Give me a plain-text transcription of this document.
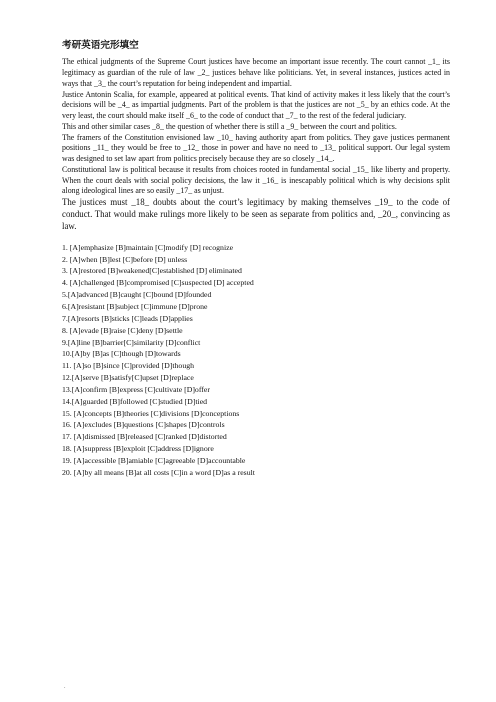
考研英语完形填空

The ethical judgments of the Supreme Court justices have become an important issue recently. The court cannot _1_ its legitimacy as guardian of the rule of law _2_ justices behave like politicians. Yet, in several instances, justices acted in ways that _3_ the court’s reputation for being independent and impartial.

Justice Antonin Scalia, for example, appeared at political events. That kind of activity makes it less likely that the court’s decisions will be _4_ as impartial judgments. Part of the problem is that the justices are not _5_ by an ethics code. At the very least, the court should make itself _6_ to the code of conduct that _7_ to the rest of the federal judiciary.

This and other similar cases _8_ the question of whether there is still a _9_ between the court and politics.

The framers of the Constitution envisioned law _10_ having authority apart from politics. They gave justices permanent positions _11_ they would be free to _12_ those in power and have no need to _13_ political support. Our legal system was designed to set law apart from politics precisely because they are so closely _14_.

Constitutional law is political because it results from choices rooted in fundamental social _15_ like liberty and property. When the court deals with social policy decisions, the law it _16_ is inescapably political which is why decisions split along ideological lines are so easily _17_ as unjust.

The justices must _18_ doubts about the court’s legitimacy by making themselves _19_ to the code of conduct. That would make rulings more likely to be seen as separate from politics and, _20_, convincing as law.

1. [A]emphasize [B]maintain [C]modify [D] recognize

2. [A]when [B]lest [C]before [D] unless

3. [A]restored [B]weakened[C]established [D] eliminated

4. [A]challenged [B]compromised [C]suspected [D] accepted

5.[A]advanced [B]caught [C]bound [D]founded

6.[A]resistant [B]subject [C]immune [D]prone

7.[A]resorts [B]sticks [C]leads [D]applies

8. [A]evade [B]raise [C]deny [D]settle

9.[A]line [B]barrier[C]similarity [D]conflict

10.[A]by [B]as [C]though [D]towards

11. [A]so [B]since [C]provided [D]though

12.[A]serve [B]satisfy[C]upset [D]replace

13.[A]confirm [B]express [C]cultivate [D]offer

14.[A]guarded [B]followed [C]studied [D]tied

15. [A]concepts [B]theories [C]divisions [D]conceptions

16. [A]excludes [B]questions [C]shapes [D]controls

17. [A]dismissed [B]released [C]ranked [D]distorted

18. [A]suppress [B]exploit [C]address [D]ignore

19. [A]accessible [B]amiable [C]agreeable [D]accountable

20. [A]by all means [B]at all costs [C]in a word [D]as a result

.
